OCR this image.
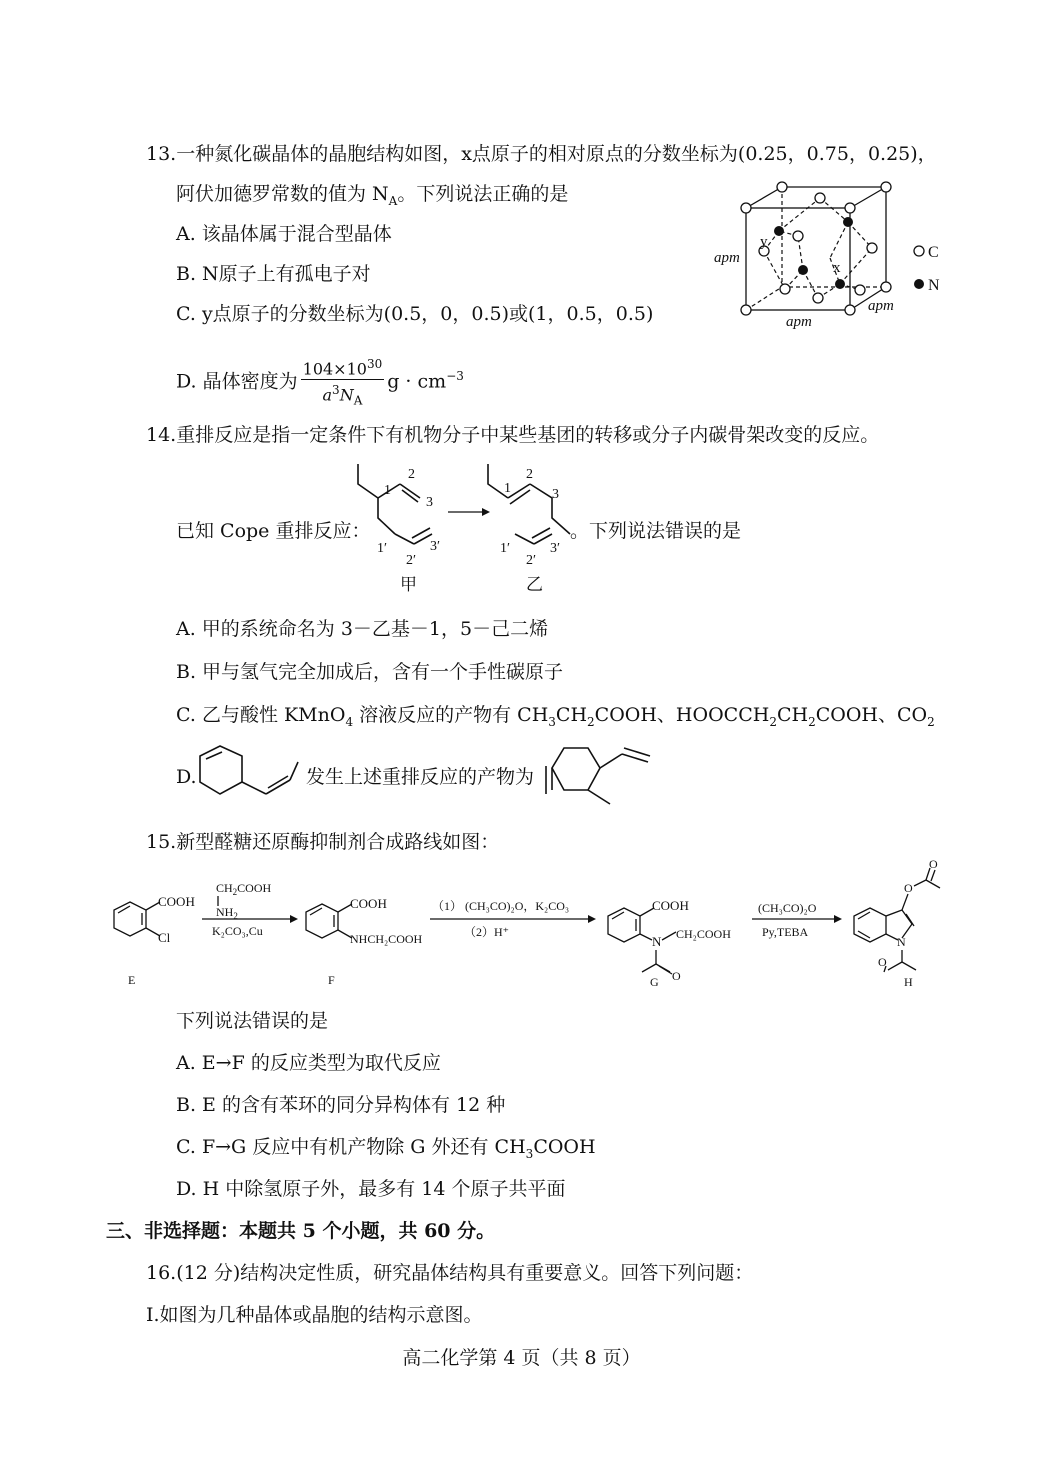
13.一种氮化碳晶体的晶胞结构如图，x点原子的相对原点的分数坐标为(0.25，0.75，0.25)，
阿伏加德罗常数的值为 $N_A$。下列说法正确的是
A. 该晶体属于混合型晶体
B. N原子上有孤电子对
C. y点原子的分数坐标为(0.5，0，0.5)或(1，0.5，0.5)
D. 晶体密度为 $\frac{104\times 10^{30}}{a^3N_A}$ $g \cdot cm^{-3}$
apm
apm
apm
y
x
C
N
14.重排反应是指一定条件下有机物分子中某些基团的转移或分子内碳骨架改变的反应。
1
2
3
1′
2′
3′
甲
1
2
3
1′
2′
3′
乙
已知 Cope 重排反应：	。下列说法错误的是
A. 甲的系统命名为 3－乙基－1，5－己二烯
B. 甲与氢气完全加成后，含有一个手性碳原子
C. 乙与酸性 KMnO$_4$ 溶液反应的产物有 $CH_3CH_2COOH$、$HOOCCH_2CH_2COOH$、$CO_2$
D.	发生上述重排反应的产物为
15.新型醛糖还原酶抑制剂合成路线如图：
COOH
Cl
E
$CH_2COOH$
$NH_2$
K₂CO₃,Cu
COOH
NHCH₂COOH
F
（1） (CH₃CO)₂O，K₂CO₃
（2）H⁺
COOH
N CH₂COOH
O
G
(CH₃CO)₂O
Py,TEBA
N
O
O
O
H
下列说法错误的是
A. E→F 的反应类型为取代反应
B. E 的含有苯环的同分异构体有 12 种
C. F→G 反应中有机产物除 G 外还有 $CH_3COOH$
D. H 中除氢原子外，最多有 14 个原子共平面
三、非选择题：本题共 5 个小题，共 60 分。
16.(12 分)结构决定性质，研究晶体结构具有重要意义。回答下列问题：
Ⅰ.如图为几种晶体或晶胞的结构示意图。
高二化学第 4 页（共 8 页）
